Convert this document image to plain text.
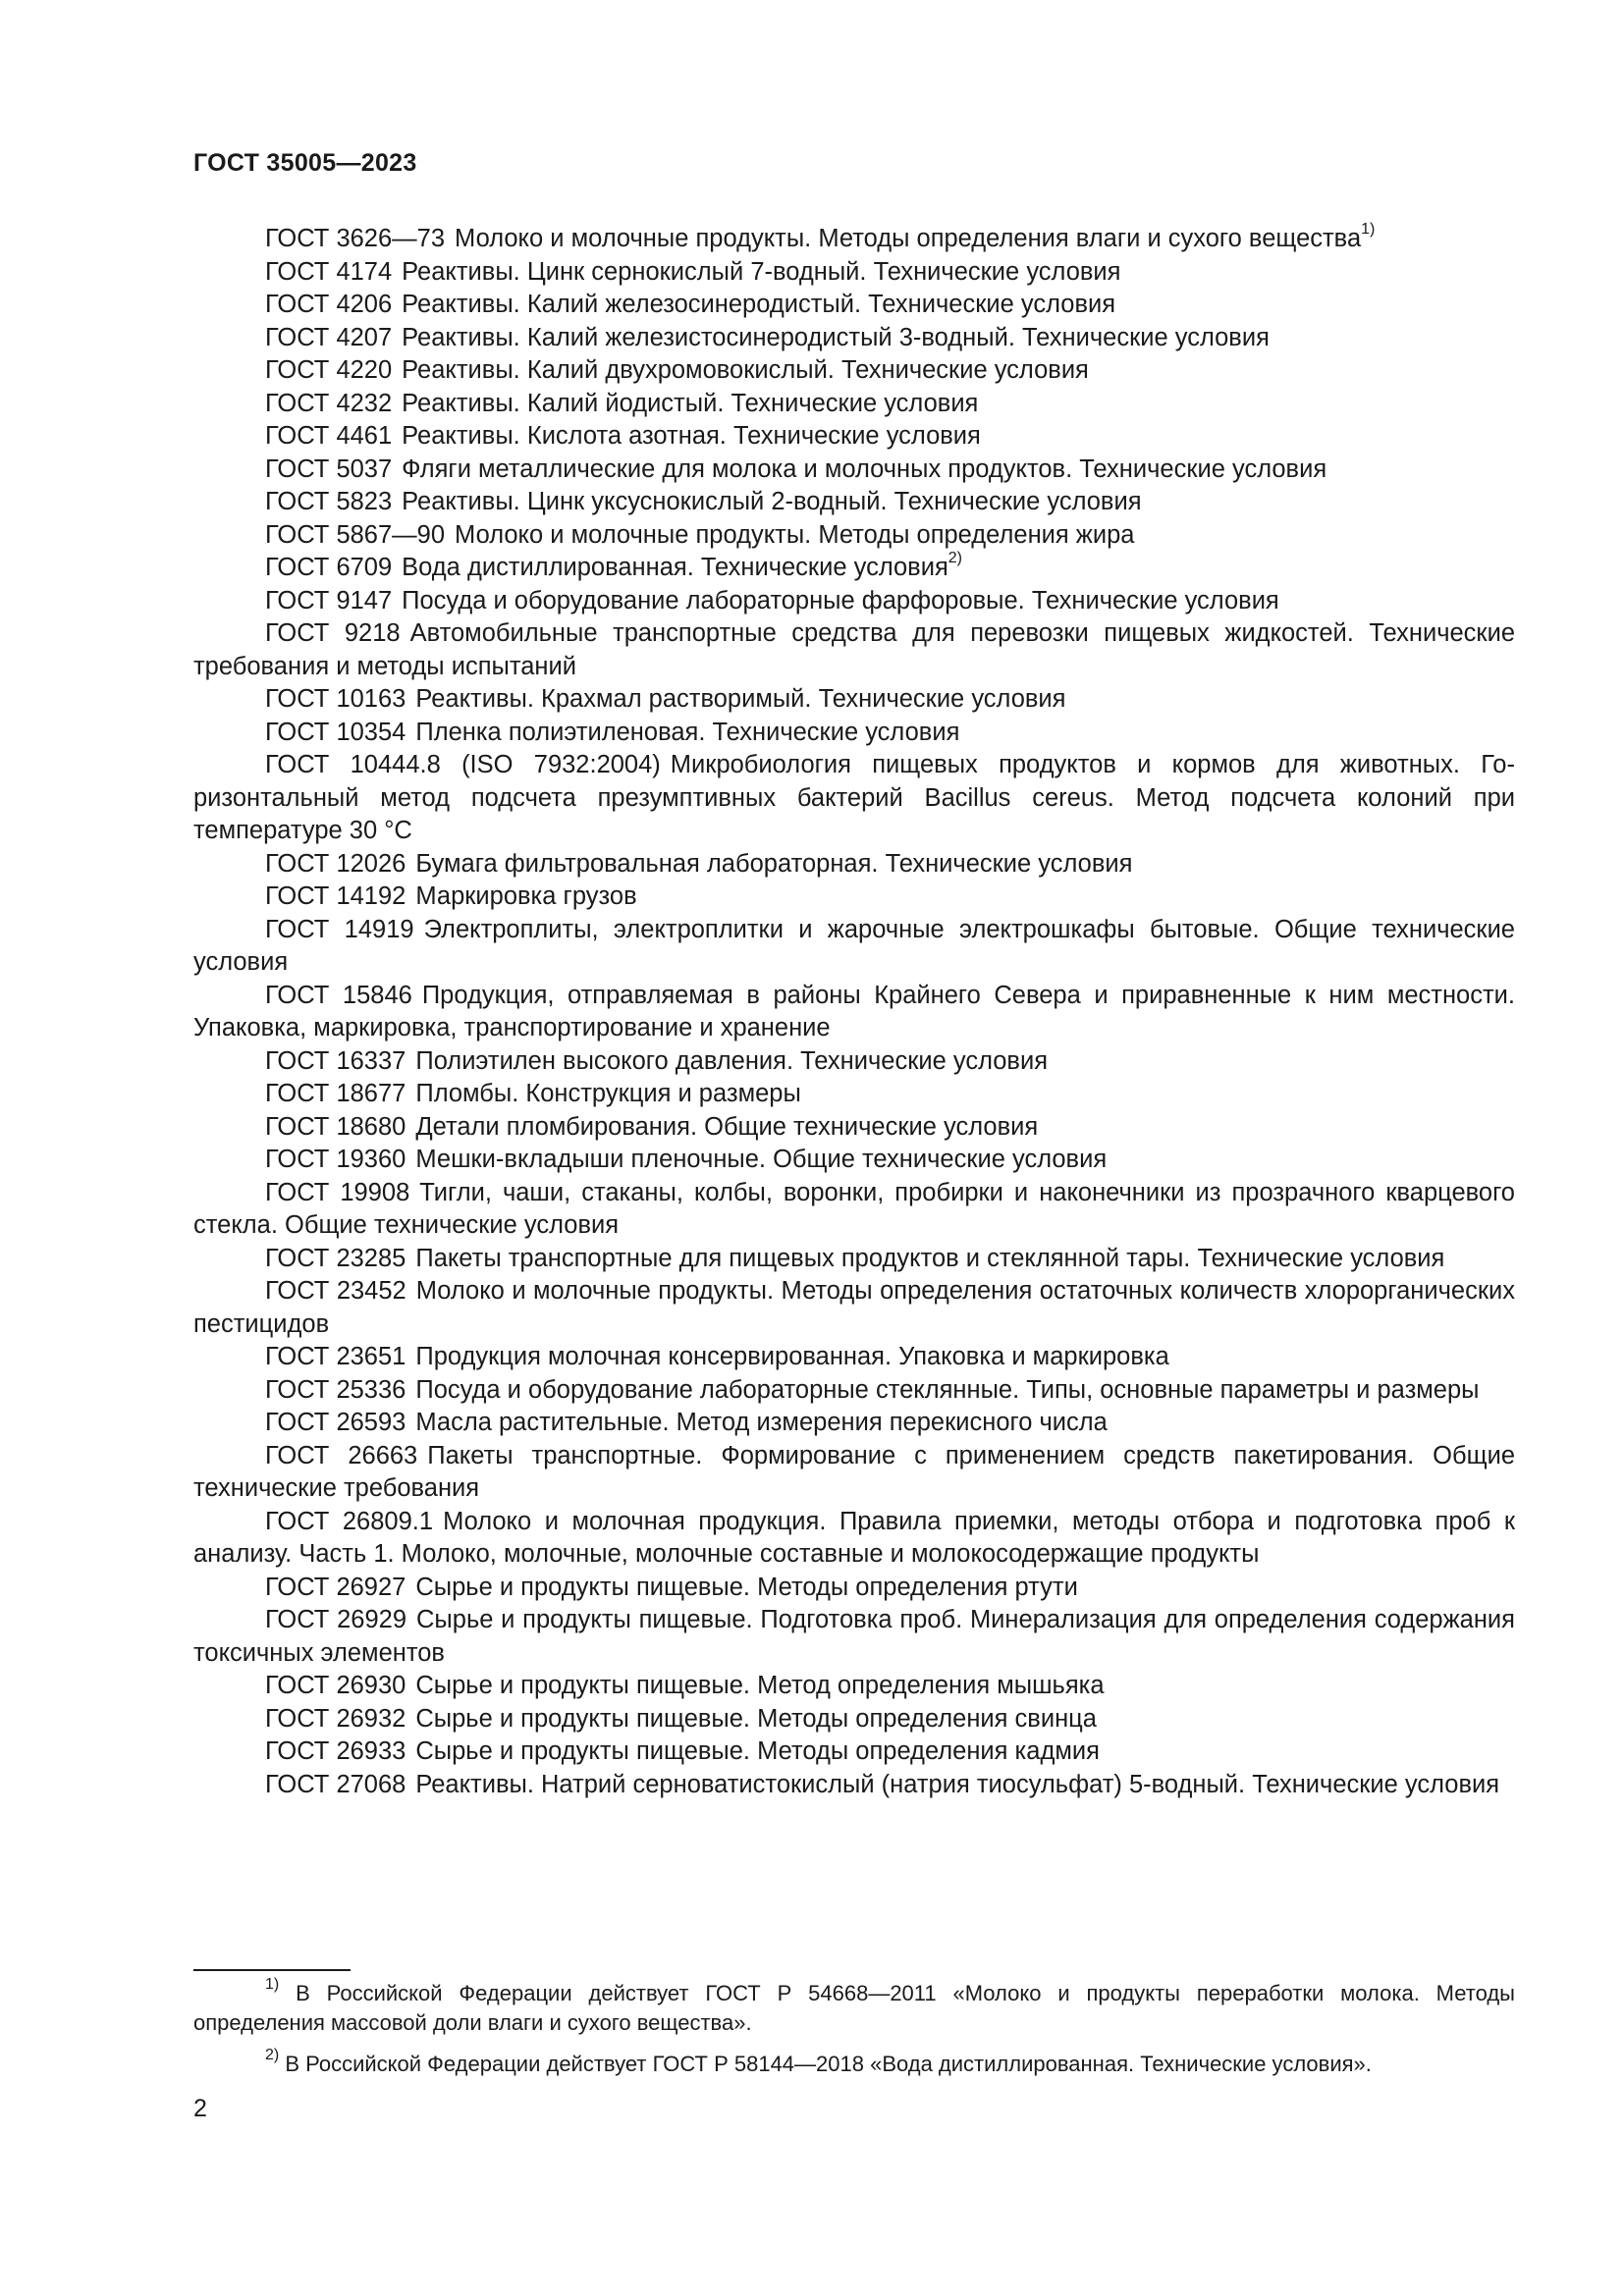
ГОСТ 35005—2023
ГОСТ 3626—73 Молоко и молочные продукты. Методы определения влаги и сухого вещества$^{1)}$
ГОСТ 4174 Реактивы. Цинк сернокислый 7-водный. Технические условия
ГОСТ 4206 Реактивы. Калий железосинеродистый. Технические условия
ГОСТ 4207 Реактивы. Калий железистосинеродистый 3-водный. Технические условия
ГОСТ 4220 Реактивы. Калий двухромовокислый. Технические условия
ГОСТ 4232 Реактивы. Калий йодистый. Технические условия
ГОСТ 4461 Реактивы. Кислота азотная. Технические условия
ГОСТ 5037 Фляги металлические для молока и молочных продуктов. Технические условия
ГОСТ 5823 Реактивы. Цинк уксуснокислый 2-водный. Технические условия
ГОСТ 5867—90 Молоко и молочные продукты. Методы определения жира
ГОСТ 6709 Вода дистиллированная. Технические условия$^{2)}$
ГОСТ 9147 Посуда и оборудование лабораторные фарфоровые. Технические условия
ГОСТ 9218 Автомобильные транспортные средства для перевозки пищевых жидкостей. Технические требования и методы испытаний
ГОСТ 10163 Реактивы. Крахмал растворимый. Технические условия
ГОСТ 10354 Пленка полиэтиленовая. Технические условия
ГОСТ 10444.8 (ISO 7932:2004) Микробиология пищевых продуктов и кормов для животных. Горизонтальный метод подсчета презумптивных бактерий Bacillus cereus. Метод подсчета колоний при температуре 30 °С
ГОСТ 12026 Бумага фильтровальная лабораторная. Технические условия
ГОСТ 14192 Маркировка грузов
ГОСТ 14919 Электроплиты, электроплитки и жарочные электрошкафы бытовые. Общие технические условия
ГОСТ 15846 Продукция, отправляемая в районы Крайнего Севера и приравненные к ним местности. Упаковка, маркировка, транспортирование и хранение
ГОСТ 16337 Полиэтилен высокого давления. Технические условия
ГОСТ 18677 Пломбы. Конструкция и размеры
ГОСТ 18680 Детали пломбирования. Общие технические условия
ГОСТ 19360 Мешки-вкладыши пленочные. Общие технические условия
ГОСТ 19908 Тигли, чаши, стаканы, колбы, воронки, пробирки и наконечники из прозрачного кварцевого стекла. Общие технические условия
ГОСТ 23285 Пакеты транспортные для пищевых продуктов и стеклянной тары. Технические условия
ГОСТ 23452 Молоко и молочные продукты. Методы определения остаточных количеств хлорорганических пестицидов
ГОСТ 23651 Продукция молочная консервированная. Упаковка и маркировка
ГОСТ 25336 Посуда и оборудование лабораторные стеклянные. Типы, основные параметры и размеры
ГОСТ 26593 Масла растительные. Метод измерения перекисного числа
ГОСТ 26663 Пакеты транспортные. Формирование с применением средств пакетирования. Общие технические требования
ГОСТ 26809.1 Молоко и молочная продукция. Правила приемки, методы отбора и подготовка проб к анализу. Часть 1. Молоко, молочные, молочные составные и молокосодержащие продукты
ГОСТ 26927 Сырье и продукты пищевые. Методы определения ртути
ГОСТ 26929 Сырье и продукты пищевые. Подготовка проб. Минерализация для определения содержания токсичных элементов
ГОСТ 26930 Сырье и продукты пищевые. Метод определения мышьяка
ГОСТ 26932 Сырье и продукты пищевые. Методы определения свинца
ГОСТ 26933 Сырье и продукты пищевые. Методы определения кадмия
ГОСТ 27068 Реактивы. Натрий серноватистокислый (натрия тиосульфат) 5-водный. Технические условия
$^{1)}$ В Российской Федерации действует ГОСТ Р 54668—2011 «Молоко и продукты переработки молока. Методы определения массовой доли влаги и сухого вещества».
$^{2)}$ В Российской Федерации действует ГОСТ Р 58144—2018 «Вода дистиллированная. Технические условия».
2
